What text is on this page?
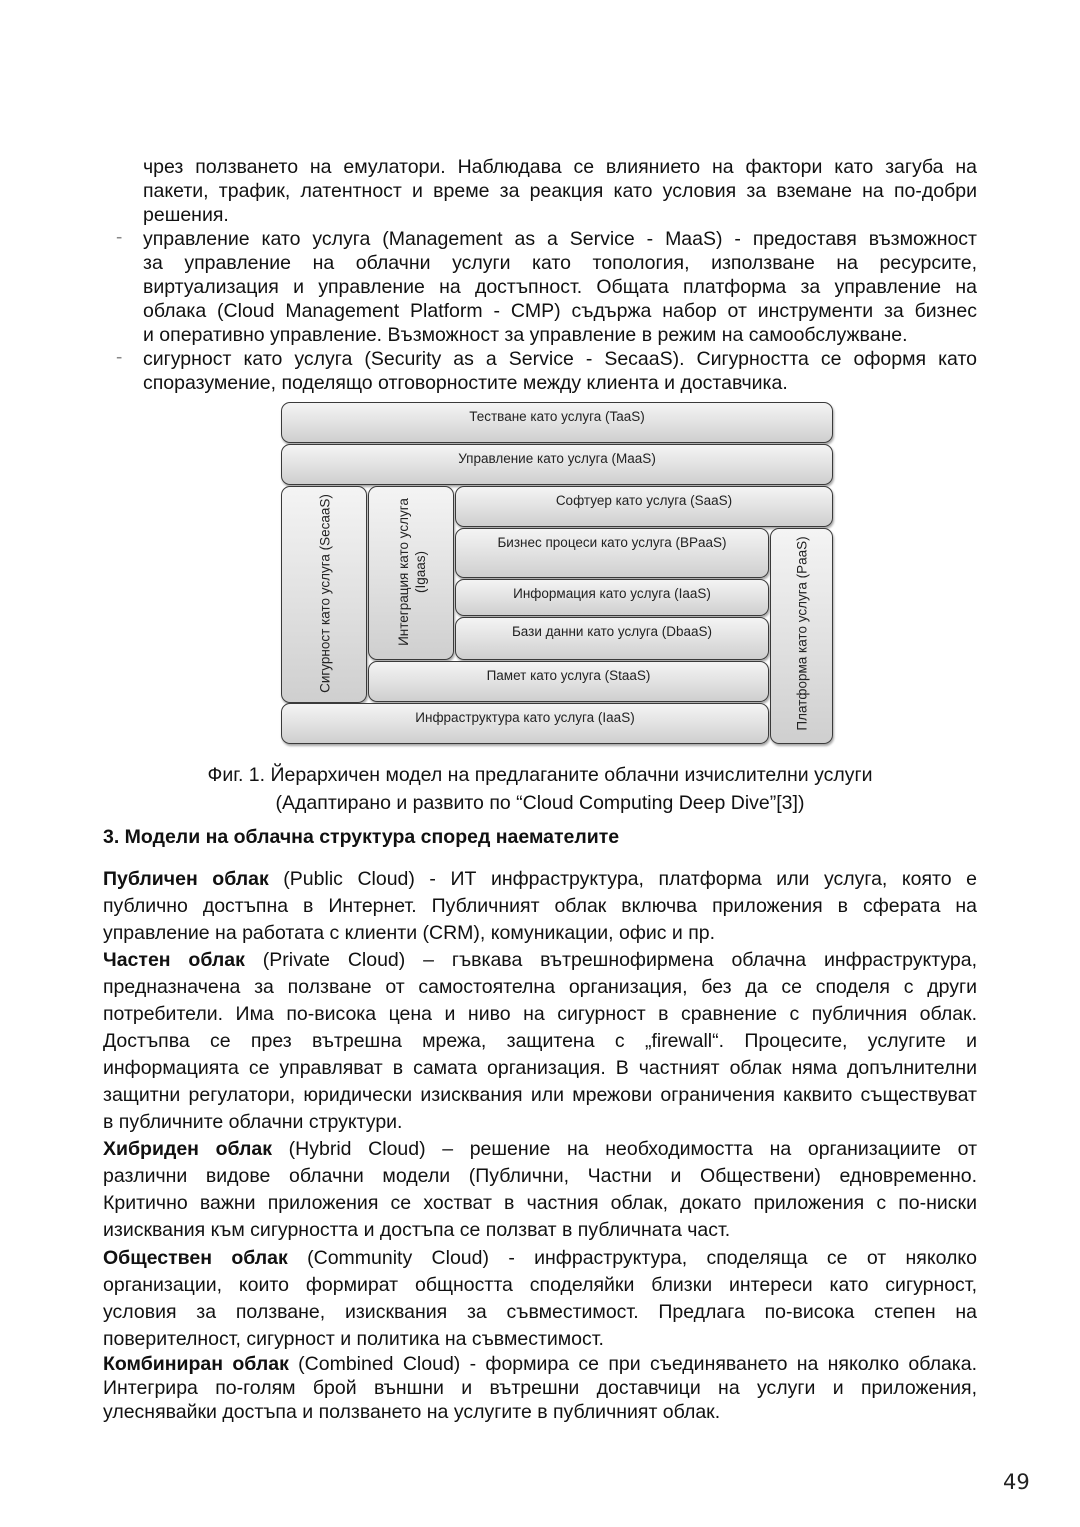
чрез ползването на емулатори. Наблюдава се влиянието на фактори като загуба на
пакети, трафик, латентност и време за реакция като условия за вземане на по-добри
решения.
- управление като услуга (Management as a Service - MaaS) - предоставя възможност
за управление на облачни услуги като топология, използване на ресурсите,
виртуализация и управление на достъпност. Общата платформа за управление на
облака (Cloud Management Platform - CMP) съдържа набор от инструменти за бизнес
и оперативно управление. Възможност за управление в режим на самообслужване.
- сигурност като услуга (Security as a Service - SecaaS). Сигурността се оформя като
споразумение, поделящо отговорностите между клиента и доставчика.
Тестване като услуга (TaaS)
Управление като услуга (MaaS)
Сигурност като услуга (SecaaS)	Интеграция като услуга (Igaas)
Софтуер като услуга (SaaS)
Бизнес процеси като услуга (BPaaS)
Информация като услуга (IaaS)
Бази данни като услуга (DbaaS)
Памет като услуга (StaaS)
Инфраструктура като услуга (IaaS)	Платформа като услуга (PaaS)
Фиг. 1. Йерархичен модел на предлаганите облачни изчислителни услуги
(Адаптирано и развито по “Cloud Computing Deep Dive”[3])
3. Модели на облачна структура според наемателите
Публичен облак (Public Cloud) - ИТ инфраструктура, платформа или услуга, която е
публично достъпна в Интернет. Публичният облак включва приложения в сферата на
управление на работата с клиенти (CRM), комуникации, офис и пр.
Частен облак (Private Cloud) – гъвкава вътрешнофирмена облачна инфраструктура,
предназначена за ползване от самостоятелна организация, без да се споделя с други
потребители. Има по-висока цена и ниво на сигурност в сравнение с публичния облак.
Достъпва се през вътрешна мрежа, защитена с „firewall“. Процесите, услугите и
информацията се управляват в самата организация. В частният облак няма допълнителни
защитни регулатори, юридически изисквания или мрежови ограничения каквито съществуват
в публичните облачни структури.
Хибриден облак (Hybrid Cloud) – решение на необходимостта на организациите от
различни видове облачни модели (Публични, Частни и Обществени) едновременно.
Критично важни приложения се хостват в частния облак, докато приложения с по-ниски
изисквания към сигурността и достъпа се ползват в публичната част.
Обществен облак (Community Cloud) - инфраструктура, споделяща се от няколко
организации, които формират общността споделяйки близки интереси като сигурност,
условия за ползване, изисквания за съвместимост. Предлага по-висока степен на
поверителност, сигурност и политика на съвместимост.
Комбиниран облак (Combined Cloud) - формира се при съединяването на няколко облака.
Интегрира по-голям брой външни и вътрешни доставчици на услуги и приложения,
улеснявайки достъпа и ползването на услугите в публичният облак.
49
